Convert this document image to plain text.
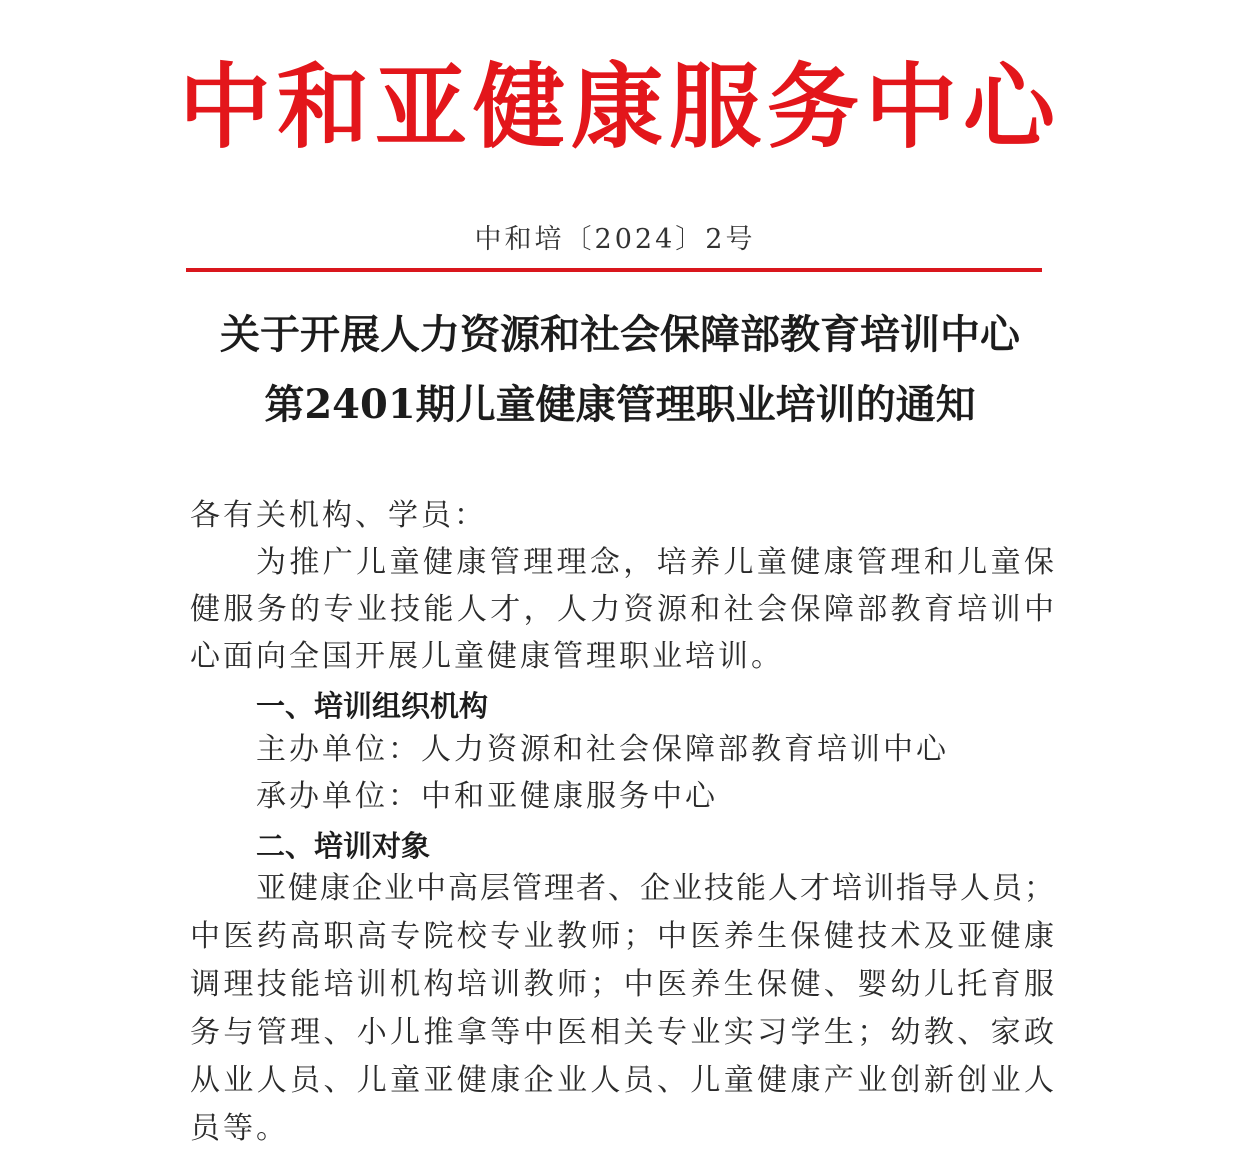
中和亚健康服务中心
中和培〔2024〕2号
关于开展人力资源和社会保障部教育培训中心
第2401期儿童健康管理职业培训的通知
各有关机构、学员：
为推广儿童健康管理理念，培养儿童健康管理和儿童保
健服务的专业技能人才，人力资源和社会保障部教育培训中
心面向全国开展儿童健康管理职业培训。
一、培训组织机构
主办单位：人力资源和社会保障部教育培训中心
承办单位：中和亚健康服务中心
二、培训对象
亚健康企业中高层管理者、企业技能人才培训指导人员；
中医药高职高专院校专业教师；中医养生保健技术及亚健康
调理技能培训机构培训教师；中医养生保健、婴幼儿托育服
务与管理、小儿推拿等中医相关专业实习学生；幼教、家政
从业人员、儿童亚健康企业人员、儿童健康产业创新创业人
员等。
